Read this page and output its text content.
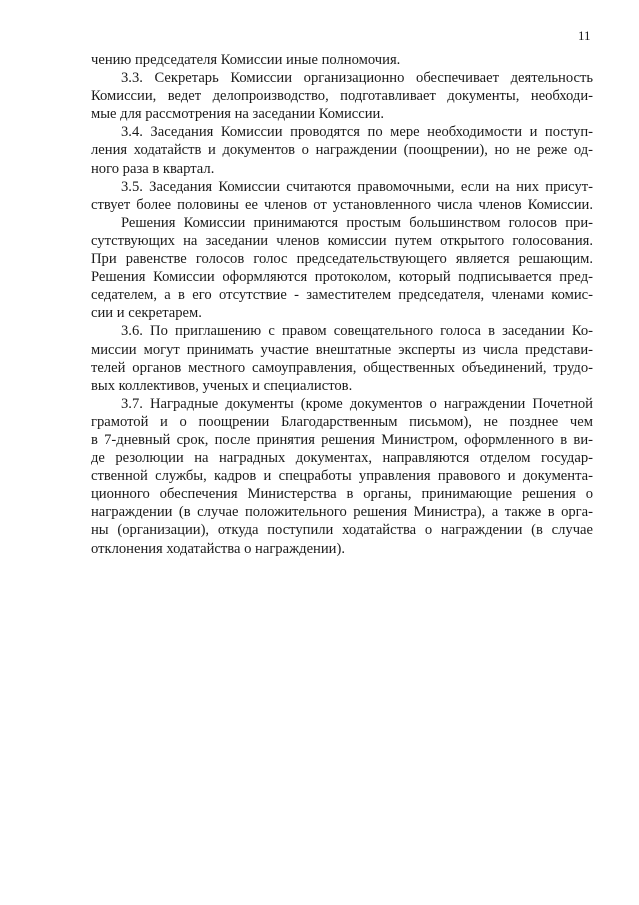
11
чению председателя Комиссии иные полномочия.
3.3. Секретарь Комиссии организационно обеспечивает деятельность
Комиссии, ведет делопроизводство, подготавливает документы, необходи-
мые для рассмотрения на заседании Комиссии.
3.4. Заседания Комиссии проводятся по мере необходимости и поступ-
ления ходатайств и документов о награждении (поощрении), но не реже од-
ного раза в квартал.
3.5. Заседания Комиссии считаются правомочными, если на них присут-
ствует более половины ее членов от установленного числа членов Комиссии.
Решения Комиссии принимаются простым большинством голосов при-
сутствующих на заседании членов комиссии путем открытого голосования.
При равенстве голосов голос председательствующего является решающим.
Решения Комиссии оформляются протоколом, который подписывается пред-
седателем, а в его отсутствие - заместителем председателя, членами комис-
сии и секретарем.
3.6. По приглашению с правом совещательного голоса в заседании Ко-
миссии могут принимать участие внештатные эксперты из числа представи-
телей органов местного самоуправления, общественных объединений, трудо-
вых коллективов, ученых и специалистов.
3.7. Наградные документы (кроме документов о награждении Почетной
грамотой и о поощрении Благодарственным письмом), не позднее чем
в 7-дневный срок, после принятия решения Министром, оформленного в ви-
де резолюции на наградных документах, направляются отделом государ-
ственной службы, кадров и спецработы управления правового и документа-
ционного обеспечения Министерства в органы, принимающие решения о
награждении (в случае положительного решения Министра), а также в орга-
ны (организации), откуда поступили ходатайства о награждении (в случае
отклонения ходатайства о награждении).
